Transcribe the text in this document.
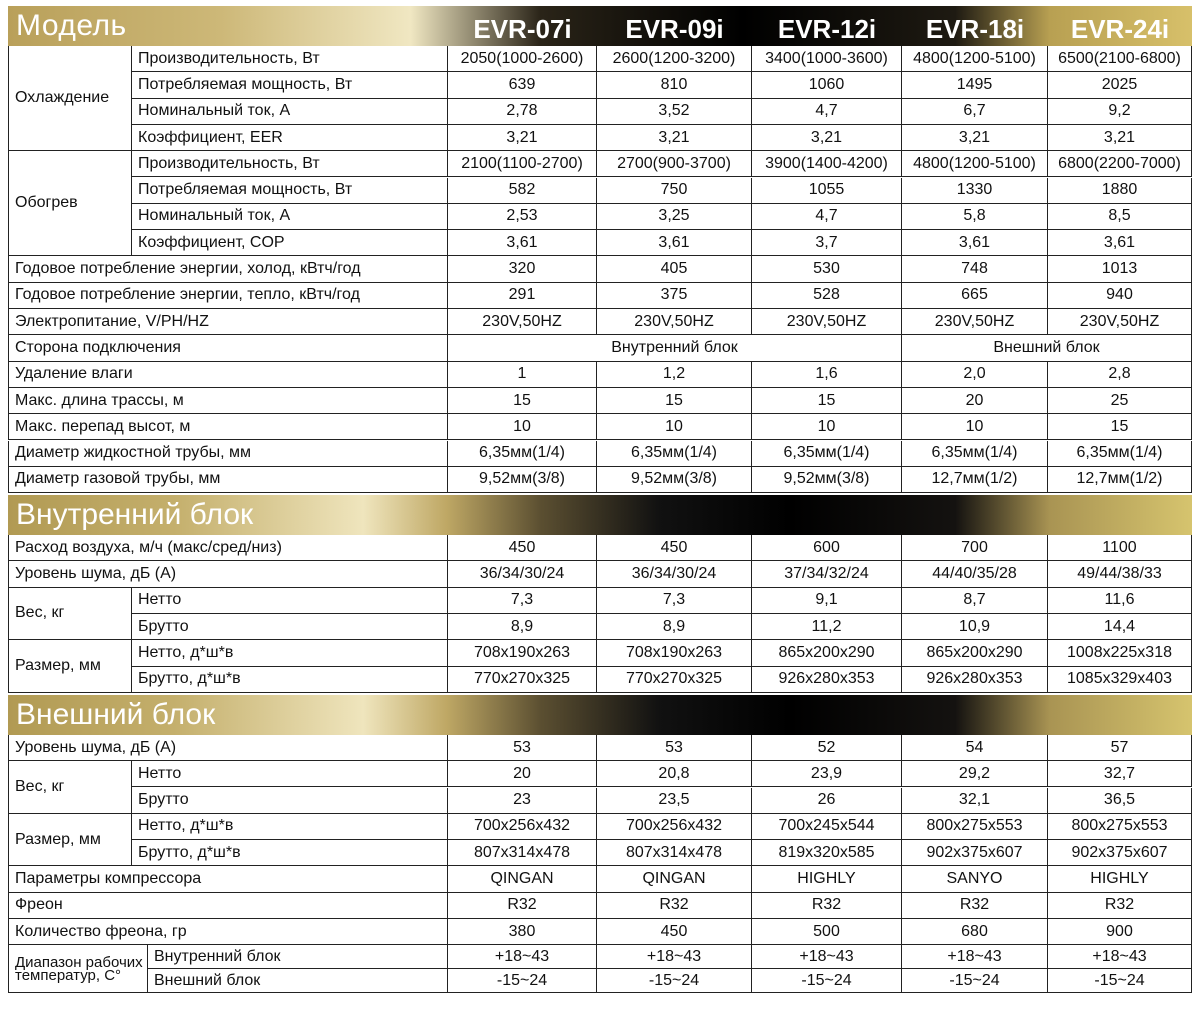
Модель	EVR-07i	EVR-09i	EVR-12i	EVR-18i	EVR-24i
Охлаждение
Производительность, Вт	2050(1000-2600)	2600(1200-3200)	3400(1000-3600)	4800(1200-5100)	6500(2100-6800)
Потребляемая мощность, Вт	639	810	1060	1495	2025
Номинальный ток, А	2,78	3,52	4,7	6,7	9,2
Коэффициент, EER	3,21	3,21	3,21	3,21	3,21
Обогрев
Производительность, Вт	2100(1100-2700)	2700(900-3700)	3900(1400-4200)	4800(1200-5100)	6800(2200-7000)
Потребляемая мощность, Вт	582	750	1055	1330	1880
Номинальный ток, А	2,53	3,25	4,7	5,8	8,5
Коэффициент, COP	3,61	3,61	3,7	3,61	3,61
Годовое потребление энергии, холод, кВтч/год	320	405	530	748	1013
Годовое потребление энергии, тепло, кВтч/год	291	375	528	665	940
Электропитание, V/PH/HZ	230V,50HZ	230V,50HZ	230V,50HZ	230V,50HZ	230V,50HZ
Сторона подключения	Внутренний блок	Внешний блок
Удаление влаги	1	1,2	1,6	2,0	2,8
Макс. длина трассы, м	15	15	15	20	25
Макс. перепад высот, м	10	10	10	10	15
Диаметр жидкостной трубы, мм	6,35мм(1/4)	6,35мм(1/4)	6,35мм(1/4)	6,35мм(1/4)	6,35мм(1/4)
Диаметр газовой трубы, мм	9,52мм(3/8)	9,52мм(3/8)	9,52мм(3/8)	12,7мм(1/2)	12,7мм(1/2)
Внутренний блок
Расход воздуха, м/ч (макс/сред/низ)	450	450	600	700	1100
Уровень шума, дБ (А)	36/34/30/24	36/34/30/24	37/34/32/24	44/40/35/28	49/44/38/33
Вес, кг
Нетто	7,3	7,3	9,1	8,7	11,6
Брутто	8,9	8,9	11,2	10,9	14,4
Размер, мм
Нетто, д*ш*в	708x190x263	708x190x263	865x200x290	865x200x290	1008x225x318
Брутто, д*ш*в	770x270x325	770x270x325	926x280x353	926x280x353	1085x329x403
Внешний блок
Уровень шума, дБ (А)	53	53	52	54	57
Вес, кг
Нетто	20	20,8	23,9	29,2	32,7
Брутто	23	23,5	26	32,1	36,5
Размер, мм
Нетто, д*ш*в	700x256x432	700x256x432	700x245x544	800x275x553	800x275x553
Брутто, д*ш*в	807x314x478	807x314x478	819x320x585	902x375x607	902x375x607
Параметры компрессора	QINGAN	QINGAN	HIGHLY	SANYO	HIGHLY
Фреон	R32	R32	R32	R32	R32
Количество фреона, гр	380	450	500	680	900
Диапазон рабочих температур, С°
Внутренний блок	+18~43	+18~43	+18~43	+18~43	+18~43
Внешний блок	-15~24	-15~24	-15~24	-15~24	-15~24
